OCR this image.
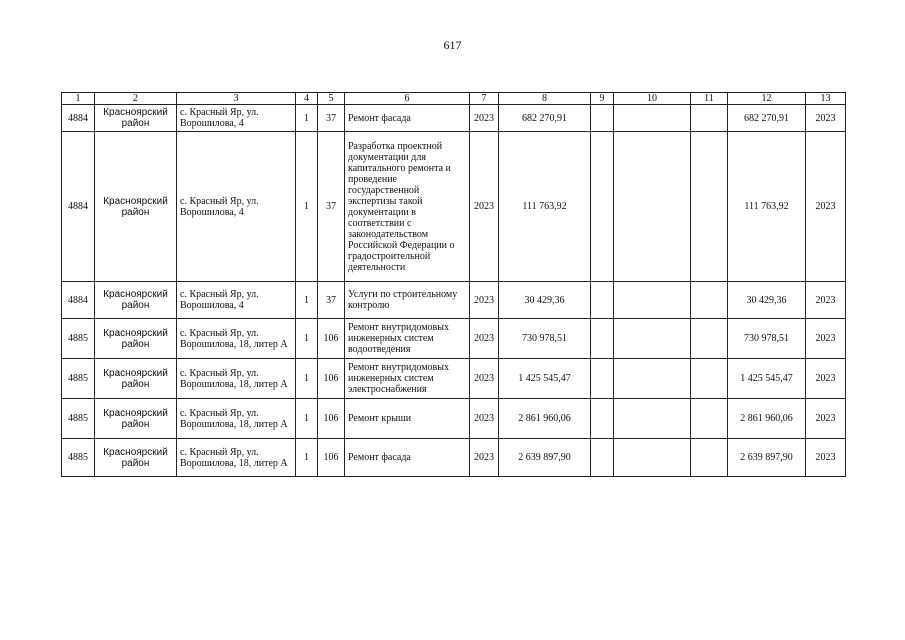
617
1	2	3	4	5	6	7	8	9	10	11	12	13
4884	Красноярский район	с. Красный Яр, ул. Ворошилова, 4	1	37	Ремонт фасада	2023	682 270,91				682 270,91	2023
4884	Красноярский район	с. Красный Яр, ул. Ворошилова, 4	1	37	Разработка проектной документации для капитального ремонта и проведение государственной экспертизы такой документации в соответствии с законодательством Российской Федерации о градостроительной деятельности	2023	111 763,92				111 763,92	2023
4884	Красноярский район	с. Красный Яр, ул. Ворошилова, 4	1	37	Услуги по строительному контролю	2023	30 429,36				30 429,36	2023
4885	Красноярский район	с. Красный Яр, ул. Ворошилова, 18, литер А	1	106	Ремонт внутридомовых инженерных систем водоотведения	2023	730 978,51				730 978,51	2023
4885	Красноярский район	с. Красный Яр, ул. Ворошилова, 18, литер А	1	106	Ремонт внутридомовых инженерных систем электроснабжения	2023	1 425 545,47				1 425 545,47	2023
4885	Красноярский район	с. Красный Яр, ул. Ворошилова, 18, литер А	1	106	Ремонт крыши	2023	2 861 960,06				2 861 960,06	2023
4885	Красноярский район	с. Красный Яр, ул. Ворошилова, 18, литер А	1	106	Ремонт фасада	2023	2 639 897,90				2 639 897,90	2023
